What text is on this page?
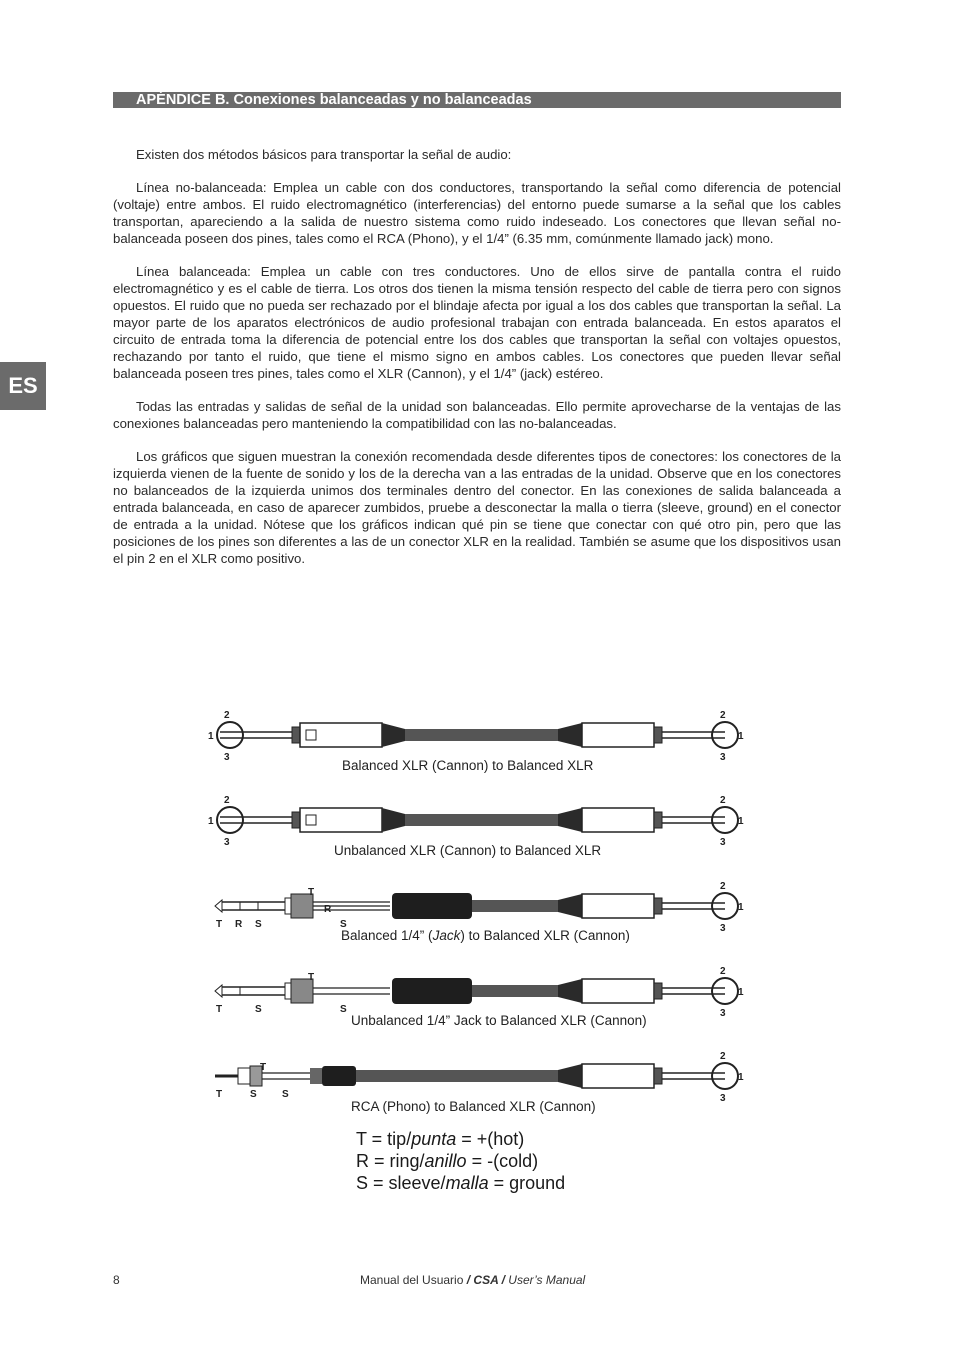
APÉNDICE B. Conexiones balanceadas y no balanceadas
ES

Existen dos métodos básicos para transportar la señal de audio:

Línea no-balanceada: Emplea un cable con dos conductores, transportando la señal como diferencia de potencial (voltaje) entre ambos. El ruido electromagnético (interferencias) del entorno puede sumarse a la señal que los cables transportan, apareciendo a la salida de nuestro sistema como ruido indeseado. Los conectores que llevan señal no-balanceada poseen dos pines, tales como el RCA (Phono), y el 1/4” (6.35 mm, comúnmente llamado jack) mono.

Línea balanceada: Emplea un cable con tres conductores. Uno de ellos sirve de pantalla contra el ruido electromagnético y es el cable de tierra. Los otros dos tienen la misma tensión respecto del cable de tierra pero con signos opuestos. El ruido que no pueda ser rechazado por el blindaje afecta por igual a los dos cables que transportan la señal. La mayor parte de los aparatos electrónicos de audio profesional trabajan con entrada balanceada. En estos aparatos el circuito de entrada toma la diferencia de potencial entre los dos cables que transportan la señal con voltajes opuestos, rechazando por tanto el ruido, que tiene el mismo signo en ambos cables. Los conectores que pueden llevar señal balanceada poseen tres pines, tales como el XLR (Cannon), y el 1/4” (jack) estéreo.

Todas las entradas y salidas de señal de la unidad son balanceadas. Ello permite aprovecharse de la ventajas de las conexiones balanceadas pero manteniendo la compatibilidad con las no-balanceadas.

Los gráficos que siguen muestran la conexión recomendada desde diferentes tipos de conectores: los conectores de la izquierda vienen de la fuente de sonido y los de la derecha van a las entradas de la unidad. Observe que en los conectores no balanceados de la izquierda unimos dos terminales dentro del conector. En las conexiones de salida balanceada a entrada balanceada, en caso de aparecer zumbidos, pruebe a desconectar la malla o tierra (sleeve, ground) en el conector de entrada a la unidad. Nótese que los gráficos indican qué pin se tiene que conectar con qué otro pin, pero que las posiciones de los pines son diferentes a las de un conector XLR en la realidad. También se asume que los dispositivos usan el pin 2 en el XLR como positivo.

2
1
3
2
1
3
Balanced XLR (Cannon) to Balanced XLR
2
1
3
2
1
3
Unbalanced XLR (Cannon) to Balanced XLR
T
R
S
T R S
2
1
3
Balanced 1/4” (Jack) to Balanced XLR (Cannon)
T
S
T	S
2
1
3
Unbalanced 1/4” Jack to Balanced XLR (Cannon)
T
T	S	S
2
1
3
RCA (Phono) to Balanced XLR (Cannon)
T = tip/punta = +(hot)
R = ring/anillo = -(cold)
S = sleeve/malla = ground
8	Manual del Usuario / CSA / User’s Manual
